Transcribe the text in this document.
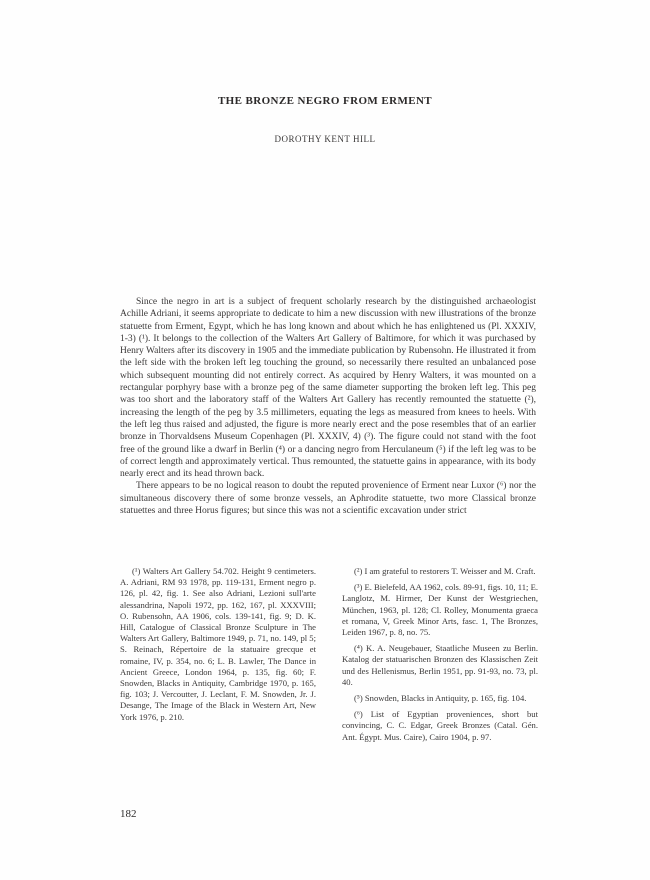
THE BRONZE NEGRO FROM ERMENT
DOROTHY KENT HILL

Since the negro in art is a subject of frequent scholarly research by the distinguished archaeologist Achille Adriani, it seems appropriate to dedicate to him a new discussion with new illustrations of the bronze statuette from Erment, Egypt, which he has long known and about which he has enlightened us (Pl. XXXIV, 1-3) (¹). It belongs to the collection of the Walters Art Gallery of Baltimore, for which it was purchased by Henry Walters after its discovery in 1905 and the immediate publication by Rubensohn. He illustrated it from the left side with the broken left leg touching the ground, so necessarily there resulted an unbalanced pose which subsequent mounting did not entirely correct. As acquired by Henry Walters, it was mounted on a rectangular porphyry base with a bronze peg of the same diameter supporting the broken left leg. This peg was too short and the laboratory staff of the Walters Art Gallery has recently remounted the statuette (²), increasing the length of the peg by 3.5 millimeters, equating the legs as measured from knees to heels. With the left leg thus raised and adjusted, the figure is more nearly erect and the pose resembles that of an earlier bronze in Thorvaldsens Museum Copenhagen (Pl. XXXIV, 4) (³). The figure could not stand with the foot free of the ground like a dwarf in Berlin (⁴) or a dancing negro from Herculaneum (⁵) if the left leg was to be of correct length and approximately vertical. Thus remounted, the statuette gains in appearance, with its body nearly erect and its head thrown back.

There appears to be no logical reason to doubt the reputed provenience of Erment near Luxor (⁶) nor the simultaneous discovery there of some bronze vessels, an Aphrodite statuette, two more Classical bronze statuettes and three Horus figures; but since this was not a scientific excavation under strict

(¹) Walters Art Gallery 54.702. Height 9 centimeters. A. Adriani, RM 93 1978, pp. 119-131, Erment negro p. 126, pl. 42, fig. 1. See also Adriani, Lezioni sull'arte alessandrina, Napoli 1972, pp. 162, 167, pl. XXXVIII; O. Rubensohn, AA 1906, cols. 139-141, fig. 9; D. K. Hill, Catalogue of Classical Bronze Sculpture in The Walters Art Gallery, Baltimore 1949, p. 71, no. 149, pl 5; S. Reinach, Répertoire de la statuaire grecque et romaine, IV, p. 354, no. 6; L. B. Lawler, The Dance in Ancient Greece, London 1964, p. 135, fig. 60; F. Snowden, Blacks in Antiquity, Cambridge 1970, p. 165, fig. 103; J. Vercoutter, J. Leclant, F. M. Snowden, Jr. J. Desange, The Image of the Black in Western Art, New York 1976, p. 210.

(²) I am grateful to restorers T. Weisser and M. Craft.

(³) E. Bielefeld, AA 1962, cols. 89-91, figs. 10, 11; E. Langlotz, M. Hirmer, Der Kunst der Westgriechen, München, 1963, pl. 128; Cl. Rolley, Monumenta graeca et romana, V, Greek Minor Arts, fasc. 1, The Bronzes, Leiden 1967, p. 8, no. 75.

(⁴) K. A. Neugebauer, Staatliche Museen zu Berlin. Katalog der statuarischen Bronzen des Klassischen Zeit und des Hellenismus, Berlin 1951, pp. 91-93, no. 73, pl. 40.

(⁵) Snowden, Blacks in Antiquity, p. 165, fig. 104.

(⁶) List of Egyptian proveniences, short but convincing, C. C. Edgar, Greek Bronzes (Catal. Gén. Ant. Égypt. Mus. Caire), Cairo 1904, p. 97.

182
